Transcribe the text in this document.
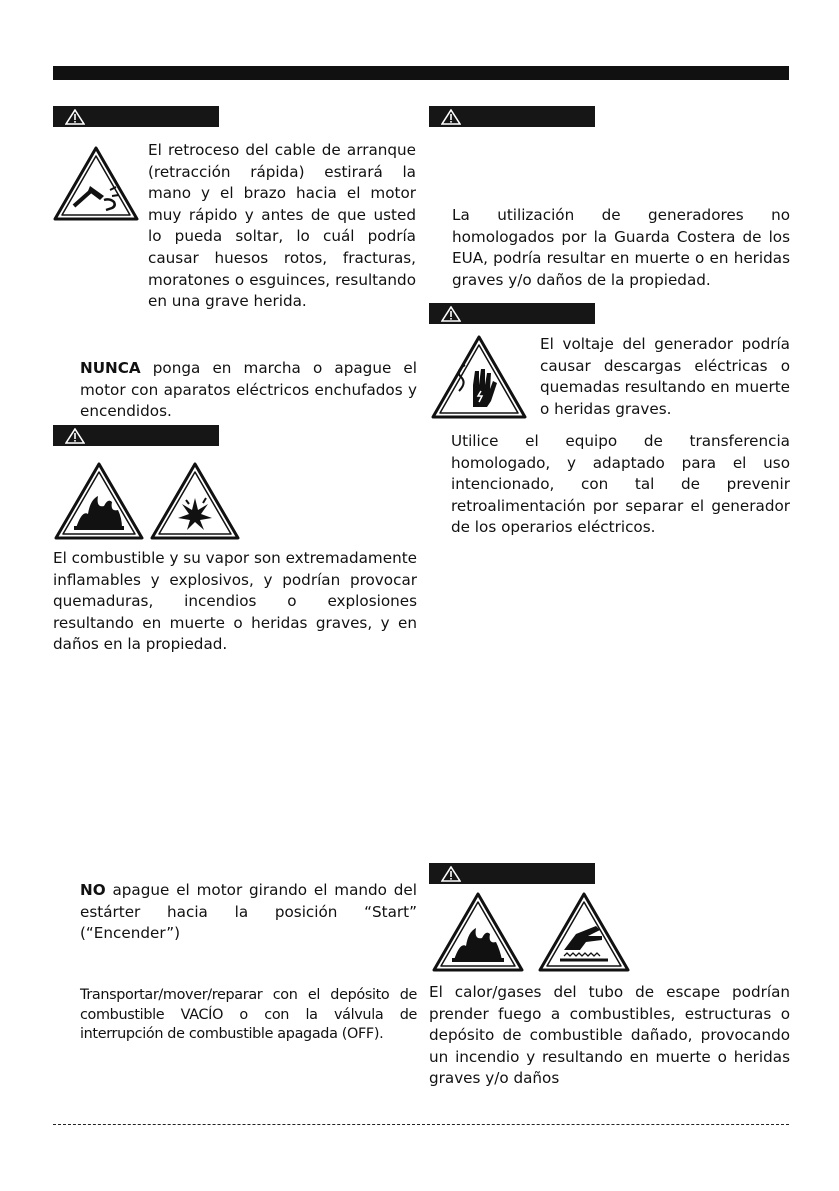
El retroceso del cable de arranque (retracción rápida) estirará la mano y el brazo hacia el motor muy rápido y antes de que usted lo pueda soltar, lo cuál podría causar huesos rotos, fracturas, moratones o esguinces, resultando en una grave herida.

NUNCA ponga en marcha o apague el motor con aparatos eléctricos enchufados y encendidos.

El combustible y su vapor son extremadamente inflamables y explosivos, y podrían provocar quemaduras, incendios o explosiones resultando en muerte o heridas graves, y en daños en la propiedad.

La utilización de generadores no homologados por la Guarda Costera de los EUA, podría resultar en muerte o en heridas graves y/o daños de la propiedad.

El voltaje del generador podría causar descargas eléctricas o quemadas resultando en muerte o heridas graves.

Utilice el equipo de transferencia homologado, y adaptado para el uso intencionado, con tal de prevenir retroalimentación por separar el generador de los operarios eléctricos.

NO apague el motor girando el mando del estárter hacia la posición “Start” (“Encender”)

Transportar/mover/reparar con el depósito de combustible VACÍO o con la válvula de interrupción de combustible apagada (OFF).

El calor/gases del tubo de escape podrían prender fuego a combustibles, estructuras o depósito de combustible dañado, provocando un incendio y resultando en muerte o heridas graves y/o daños
